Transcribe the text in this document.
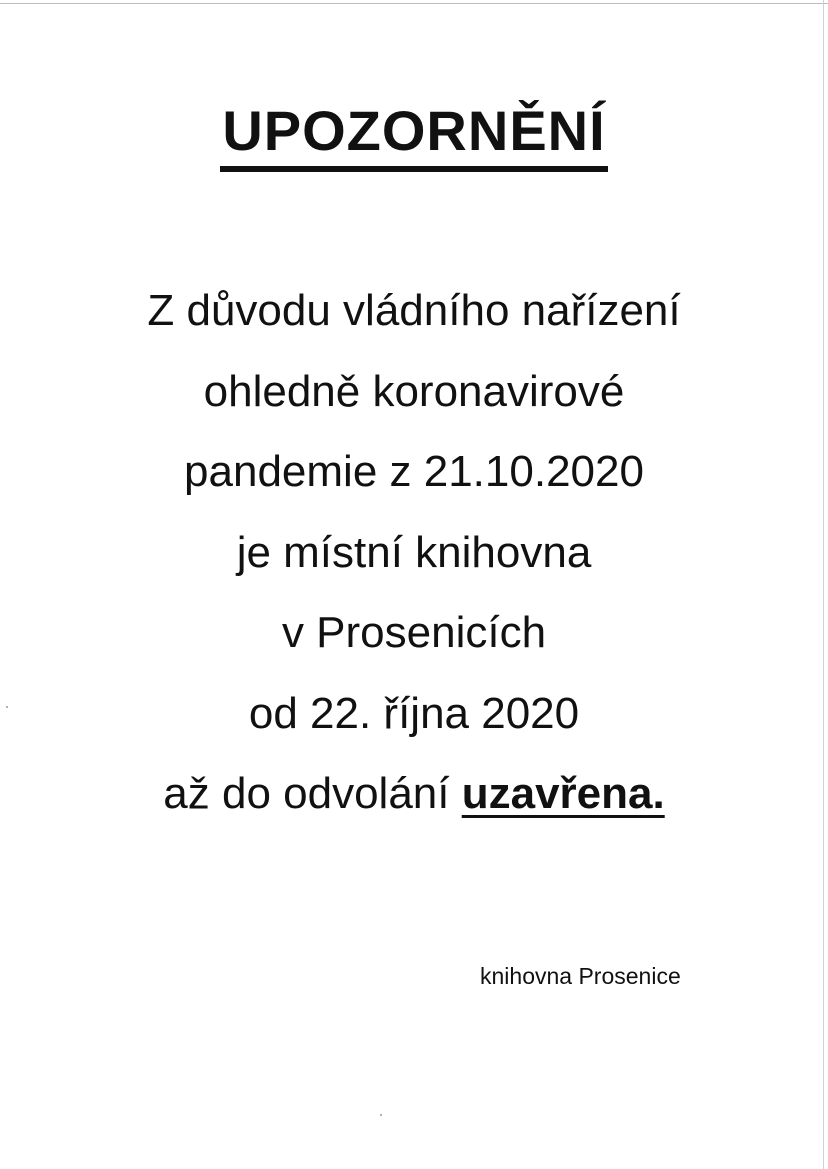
UPOZORNĚNÍ
Z důvodu vládního nařízení
ohledně koronavirové
pandemie z 21.10.2020
je místní knihovna
v Prosenicích
od 22. října 2020
až do odvolání uzavřena.

knihovna Prosenice
